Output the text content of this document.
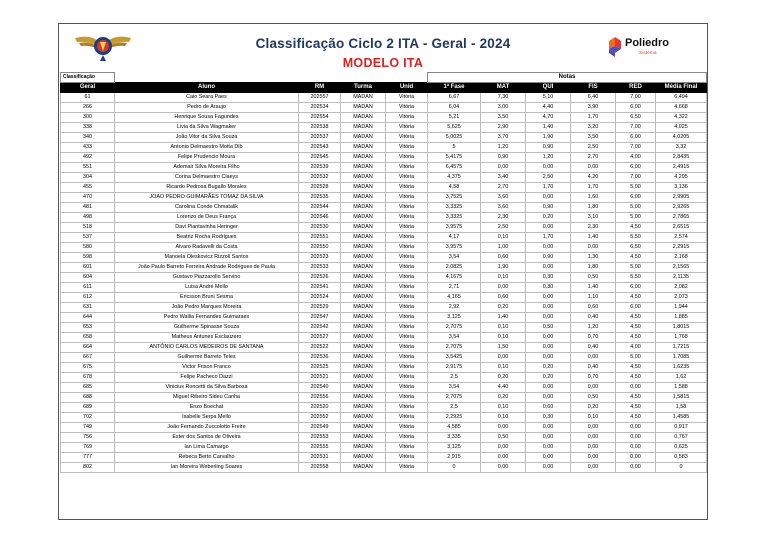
Classificação Ciclo 2 ITA - Geral - 2024
MODELO ITA
Poliedro
Sistema
Classificação					Notas					
Geral	Aluno	RM	Turma	Unid	1ª Fase	MAT	QUI	FIS	RED	Média Final
61	Caio Seara Paes	202557	MADAN	Vitória	6,67	7,30	5,10	6,40	7,00	6,494
266	Pedro de Araujo	202534	MADAN	Vitória	6,04	3,00	4,40	3,90	6,00	4,668
300	Henrique Sousa Fagundes	202554	MADAN	Vitória	5,21	3,50	4,70	1,70	6,50	4,322
338	Livia da Silva Wagmaker	202538	MADAN	Vitória	5,625	2,90	1,40	3,20	7,00	4,025
340	João Vitor da Silva Souza	202537	MADAN	Vitória	5,0025	3,70	1,90	3,50	6,00	4,0205
433	Antonio Delmaestro Motta Dib	202543	MADAN	Vitória	5	1,20	0,90	2,50	7,00	3,32
492	Felipe Prudencio Moura	202545	MADAN	Vitória	5,4175	0,90	1,20	2,70	4,00	2,8435
551	Ademair Silva Moreira Filho	202539	MADAN	Vitória	6,4575	0,00	0,00	0,00	6,00	2,4915
304	Corina Delmaestro Claeys	202532	MADAN	Vitória	4,375	3,40	2,50	4,20	7,00	4,295
455	Ricardo Pedrosa Bugallo Morales	202528	MADAN	Vitória	4,58	2,70	1,70	1,70	5,00	3,136
470	JOAO PEDRO GUIMARÃES TOMAZ DA SILVA	202535	MADAN	Vitória	3,7525	3,60	0,00	1,60	6,00	2,9905
481	Carolina Conde Chmatalik	202544	MADAN	Vitória	3,3325	3,60	0,90	1,80	5,00	2,9265
498	Lorenzo de Deus França	202546	MADAN	Vitória	3,3325	2,30	0,20	3,10	5,00	2,7865
518	Davi Piantavinha Heringer	202530	MADAN	Vitória	3,9575	2,50	0,00	2,30	4,50	2,6515
537	Beatriz Rocha Rodrigues	202551	MADAN	Vitória	4,17	0,10	1,70	1,40	5,50	2,574
580	Alvaro Radavelli da Costa	202550	MADAN	Vitória	3,9575	1,00	0,00	0,00	6,50	2,2915
598	Manoela Oleskovicz Rizzoli Santos	202523	MADAN	Vitória	3,54	0,60	0,90	1,30	4,50	2,168
601	João Paulo Barreto Ferreira Andrade Rodrigues de Paula	202533	MADAN	Vitória	2,0825	1,90	0,00	1,80	5,00	2,1565
604	Gustavo Piazzarollo Servino	202526	MADAN	Vitória	4,1675	0,10	0,30	0,50	5,50	2,1135
611	Luisa André Mello	202541	MADAN	Vitória	2,71	0,00	0,30	1,40	6,00	2,082
612	Ericsson Bruni Sesma	202524	MADAN	Vitória	4,165	0,60	0,00	1,10	4,50	2,073
631	João Pedro Marques Moreira	202529	MADAN	Vitória	2,92	0,20	0,00	0,60	6,00	1,944
644	Pedro Wallia Fernandes Guimaraes	202547	MADAN	Vitória	3,125	1,40	0,00	0,40	4,50	1,885
653	Guilherme Spinasse Souza	202542	MADAN	Vitória	2,7075	0,10	0,50	1,20	4,50	1,8015
658	Matheus Antunes Esclauzero	202527	MADAN	Vitória	3,54	0,10	0,00	0,70	4,50	1,768
664	ANTÔNIO CARLOS MEDEIROS DE SANTANA	202522	MADAN	Vitória	2,7075	1,50	0,00	0,40	4,00	1,7215
667	Guilherme Barreto Teles	202536	MADAN	Vitória	3,5425	0,00	0,00	0,00	5,00	1,7085
675	Victor Frison Franco	202525	MADAN	Vitória	2,9175	0,10	0,20	0,40	4,50	1,6235
678	Felipe Pacheco Dazzi	202521	MADAN	Vitória	2,5	0,20	0,20	0,70	4,50	1,62
685	Vinicius Roncetti da Silva Barbosa	202540	MADAN	Vitória	3,54	4,40	0,00	0,00	0,00	1,588
688	Miguel Ribeiro Sideu Canha	202556	MADAN	Vitória	2,7075	0,20	0,00	0,50	4,50	1,5815
689	Enzo Boechat	202520	MADAN	Vitória	2,5	0,10	0,60	0,20	4,50	1,58
702	Isabelle Serpa Mello	202552	MADAN	Vitória	2,2925	0,10	0,30	0,10	4,50	1,4585
749	João Fernando Zuccolotto Freire	202549	MADAN	Vitória	4,585	0,00	0,00	0,00	0,00	0,917
756	Ester dos Santos de Oliveira	202553	MADAN	Vitória	3,335	0,50	0,00	0,00	0,00	0,767
769	Ian Lima Camargo	202555	MADAN	Vitória	3,125	0,00	0,00	0,00	0,00	0,625
777	Rebeca Berto Carvalho	202531	MADAN	Vitória	2,915	0,00	0,00	0,00	0,00	0,583
802	Ian Moreira Weberling Soares	202558	MADAN	Vitória	0	0,00	0,00	0,00	0,00	0
